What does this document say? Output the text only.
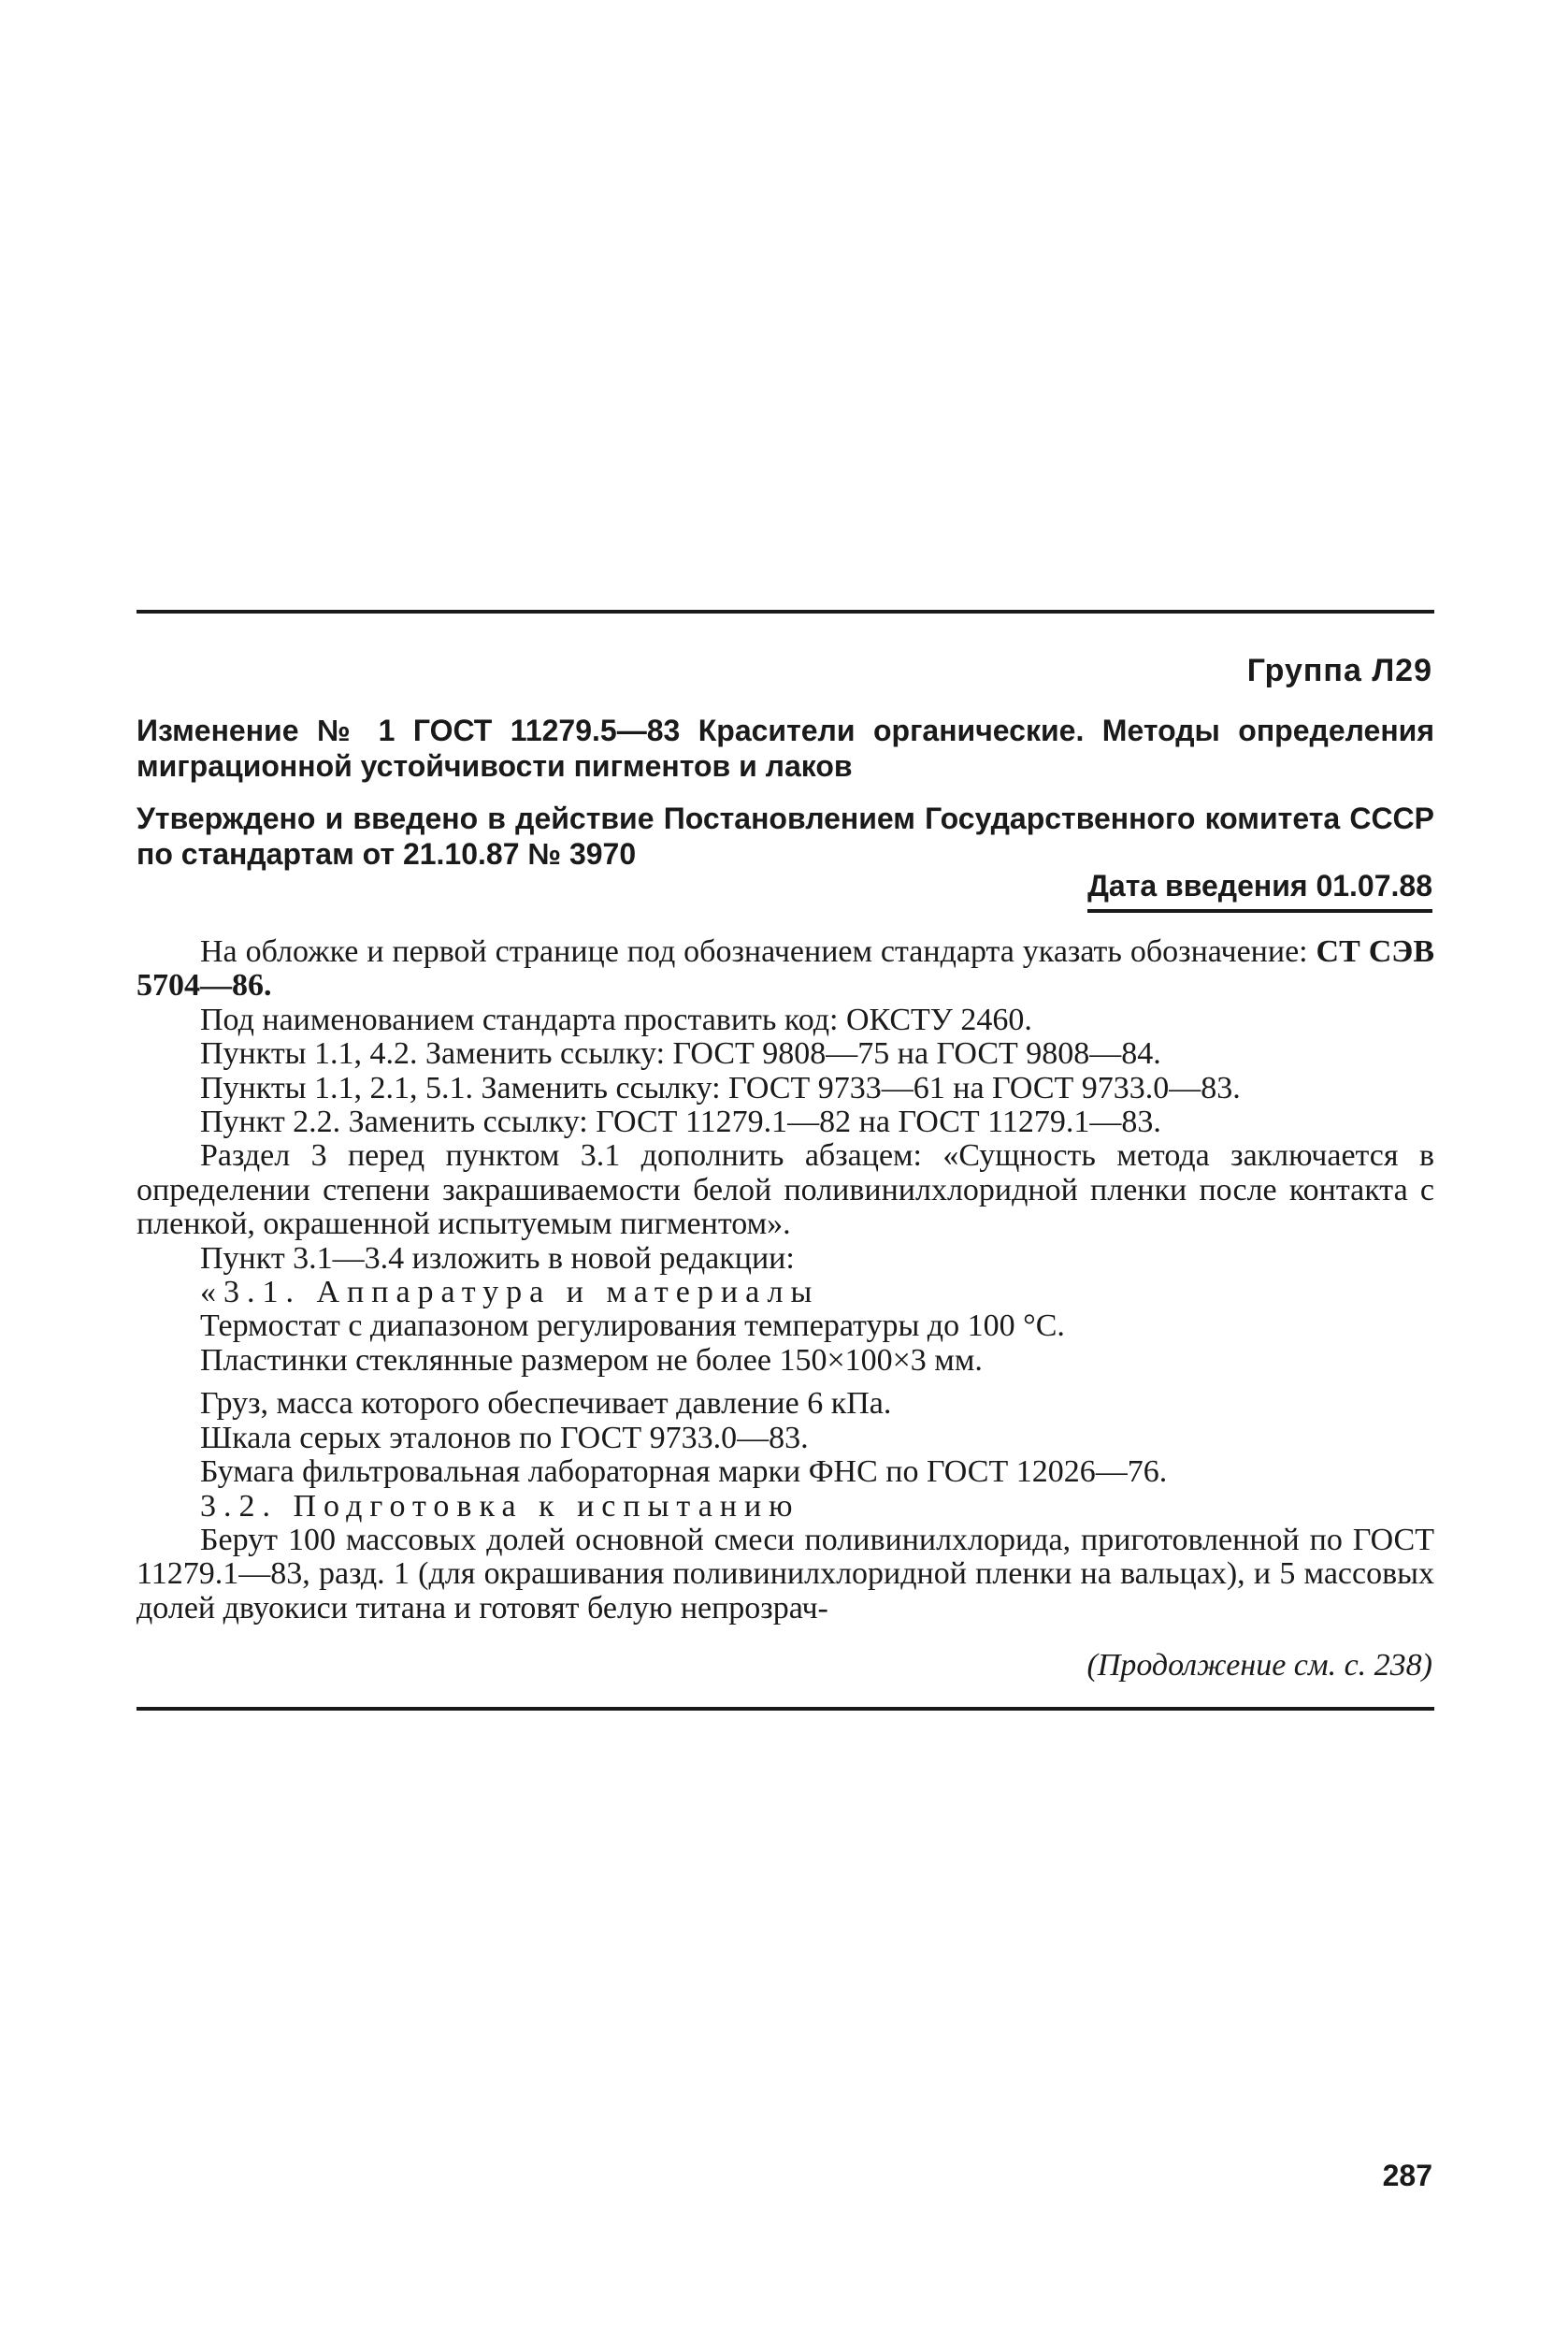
Группа Л29
Изменение № 1 ГОСТ 11279.5—83 Красители органические. Методы определения миграционной устойчивости пигментов и лаков
Утверждено и введено в действие Постановлением Государственного комитета СССР по стандартам от 21.10.87 № 3970
Дата введения 01.07.88

На обложке и первой странице под обозначением стандарта указать обозначение: СТ СЭВ 5704—86.

Под наименованием стандарта проставить код: ОКСТУ 2460.

Пункты 1.1, 4.2. Заменить ссылку: ГОСТ 9808—75 на ГОСТ 9808—84.

Пункты 1.1, 2.1, 5.1. Заменить ссылку: ГОСТ 9733—61 на ГОСТ 9733.0—83.

Пункт 2.2. Заменить ссылку: ГОСТ 11279.1—82 на ГОСТ 11279.1—83.

Раздел 3 перед пунктом 3.1 дополнить абзацем: «Сущность метода заключается в определении степени закрашиваемости белой поливинилхлоридной пленки после контакта с пленкой, окрашенной испытуемым пигментом».

Пункт 3.1—3.4 изложить в новой редакции:

«3.1. Аппаратура и материалы

Термостат с диапазоном регулирования температуры до 100 °С.

Пластинки стеклянные размером не более 150×100×3 мм.

Груз, масса которого обеспечивает давление 6 кПа.

Шкала серых эталонов по ГОСТ 9733.0—83.

Бумага фильтровальная лабораторная марки ФНС по ГОСТ 12026—76.

3.2. Подготовка к испытанию

Берут 100 массовых долей основной смеси поливинилхлорида, приготовленной по ГОСТ 11279.1—83, разд. 1 (для окрашивания поливинилхлоридной пленки на вальцах), и 5 массовых долей двуокиси титана и готовят белую непрозрач-

(Продолжение см. с. 238)
287
